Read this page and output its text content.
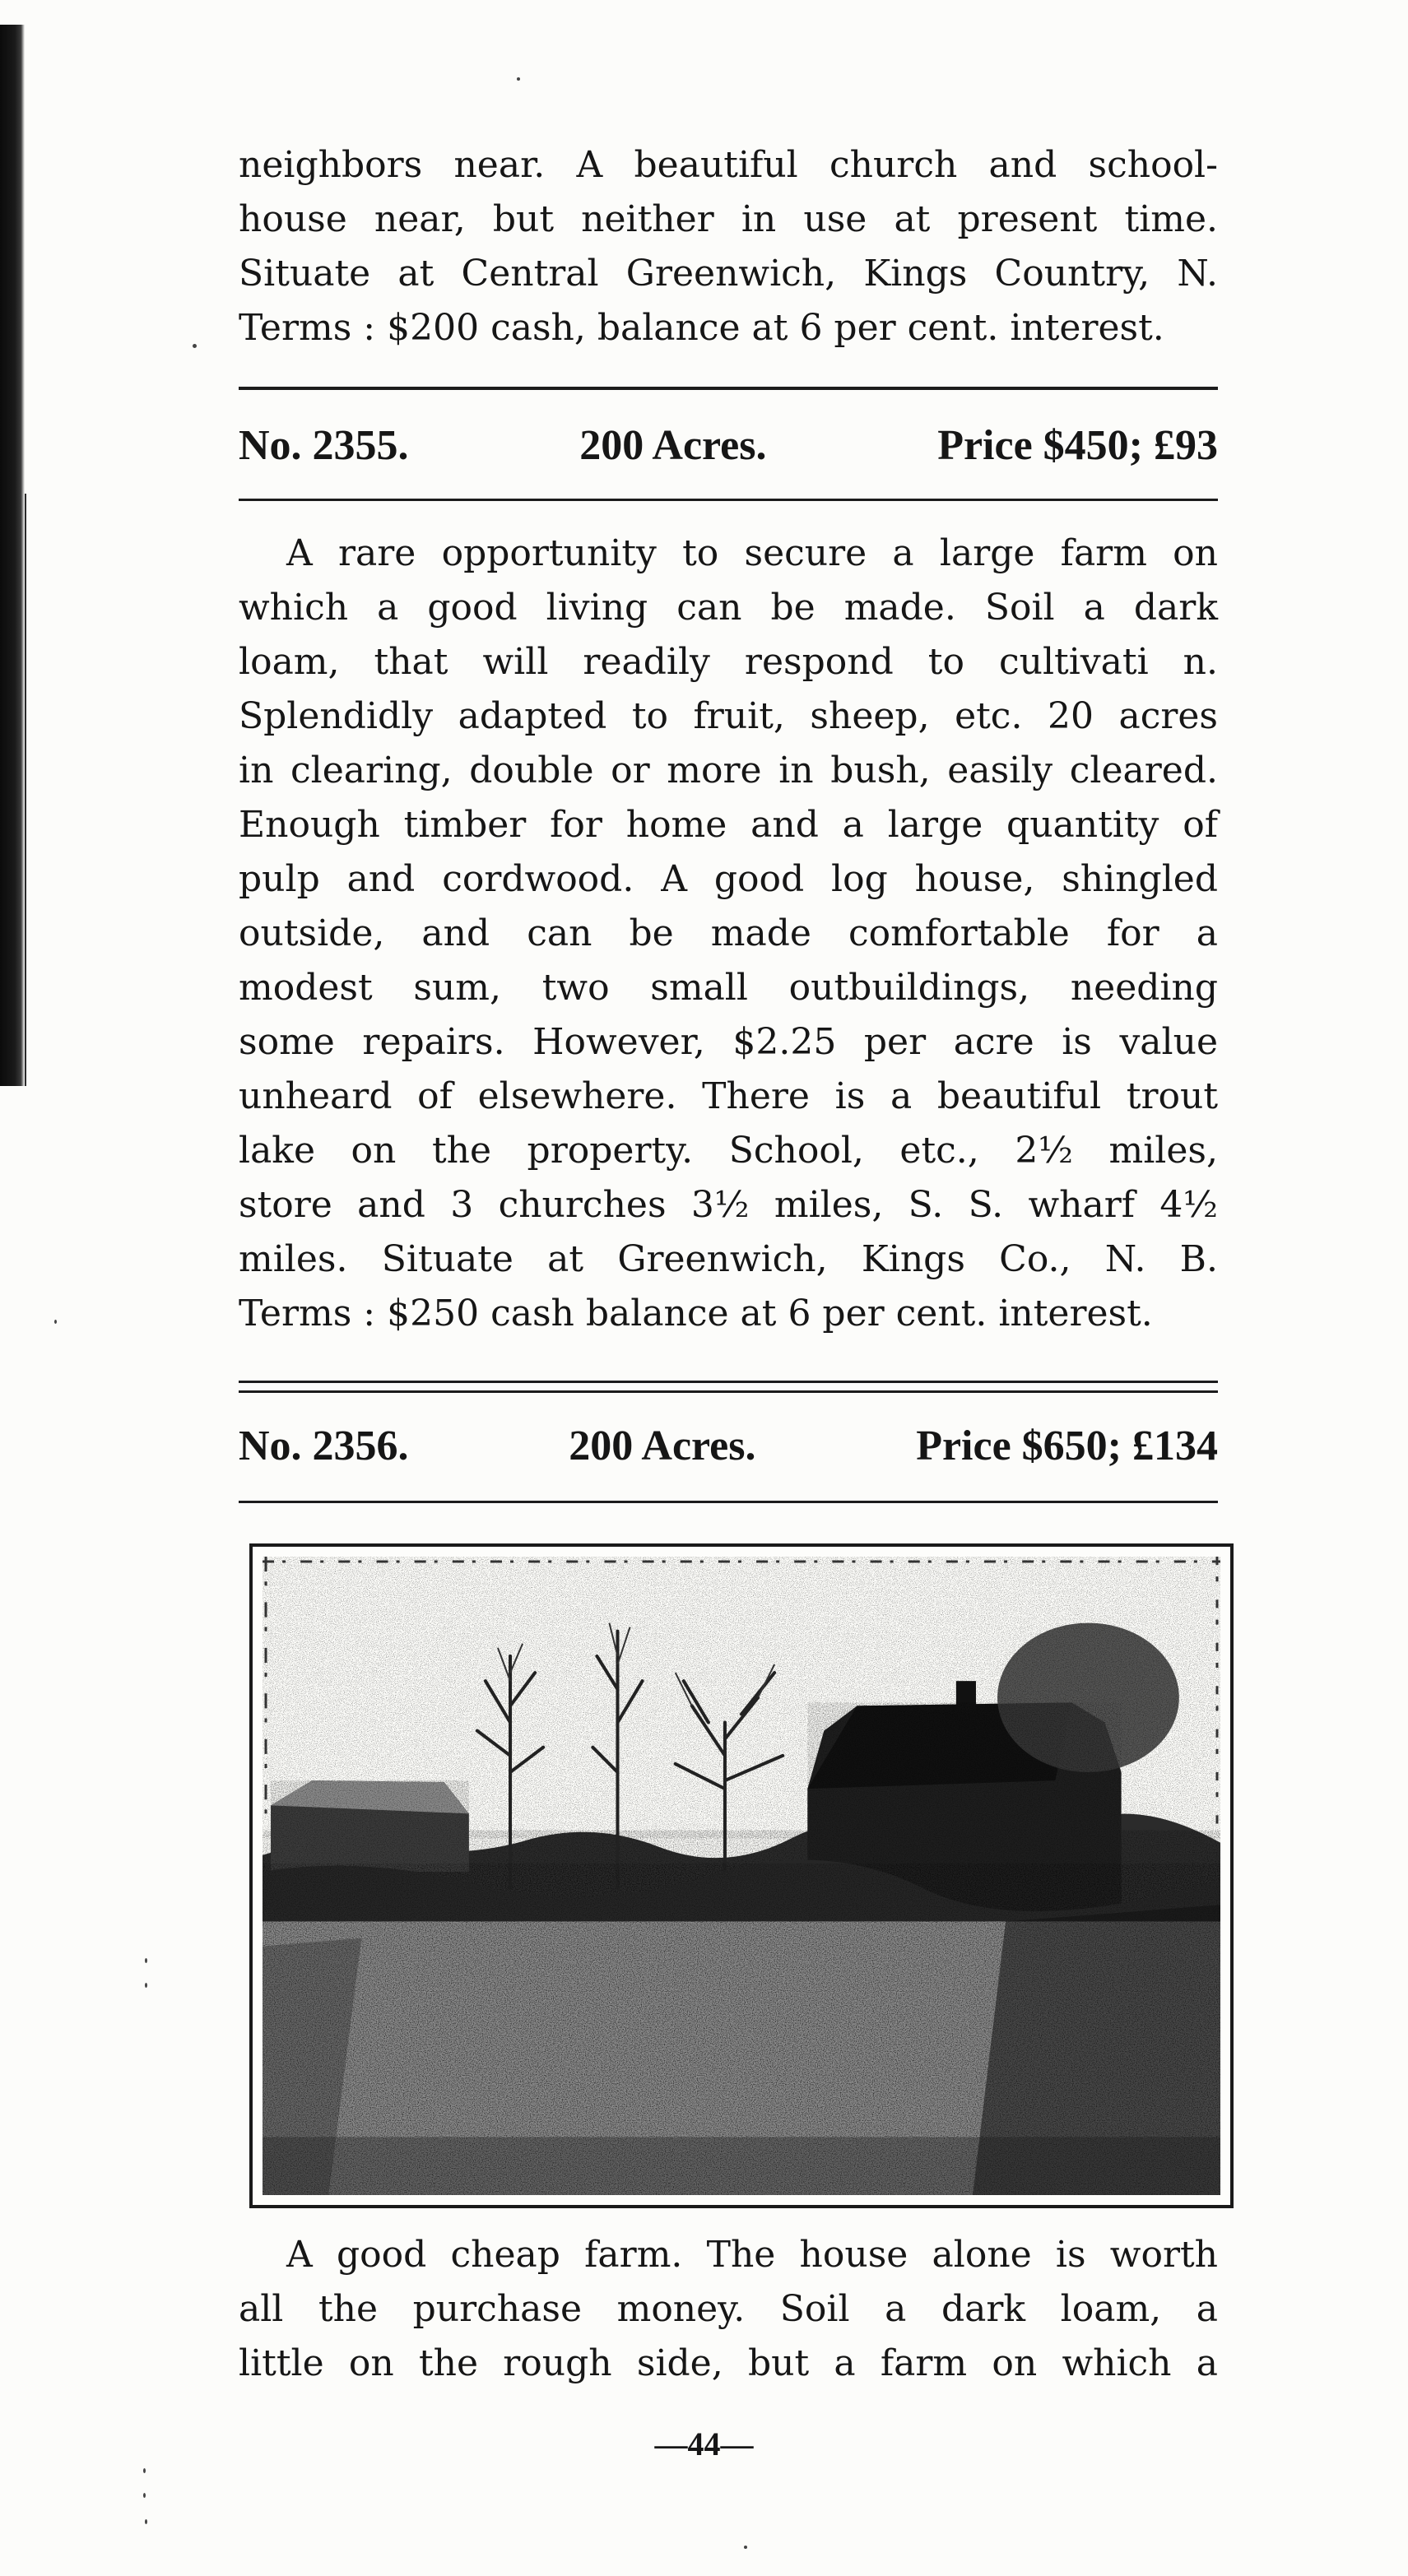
neighbors near. A beautiful church and school-
house near, but neither in use at present time.
Situate at Central Greenwich, Kings Country, N.
Terms : $200 cash, balance at 6 per cent. interest.

No. 2355.	200 Acres.	Price $450; £93

A rare opportunity to secure a large farm on
which a good living can be made. Soil a dark
loam, that will readily respond to cultivati n.
Splendidly adapted to fruit, sheep, etc. 20 acres
in clearing, double or more in bush, easily cleared.
Enough timber for home and a large quantity of
pulp and cordwood. A good log house, shingled
outside, and can be made comfortable for a
modest sum, two small outbuildings, needing
some repairs. However, $2.25 per acre is value
unheard of elsewhere. There is a beautiful trout
lake on the property. School, etc., 2½ miles,
store and 3 churches 3½ miles, S. S. wharf 4½
miles. Situate at Greenwich, Kings Co., N. B.
Terms : $250 cash balance at 6 per cent. interest.

No. 2356.	200 Acres.	Price $650; £134

A good cheap farm. The house alone is worth
all the purchase money. Soil a dark loam, a
little on the rough side, but a farm on which a

—44—
